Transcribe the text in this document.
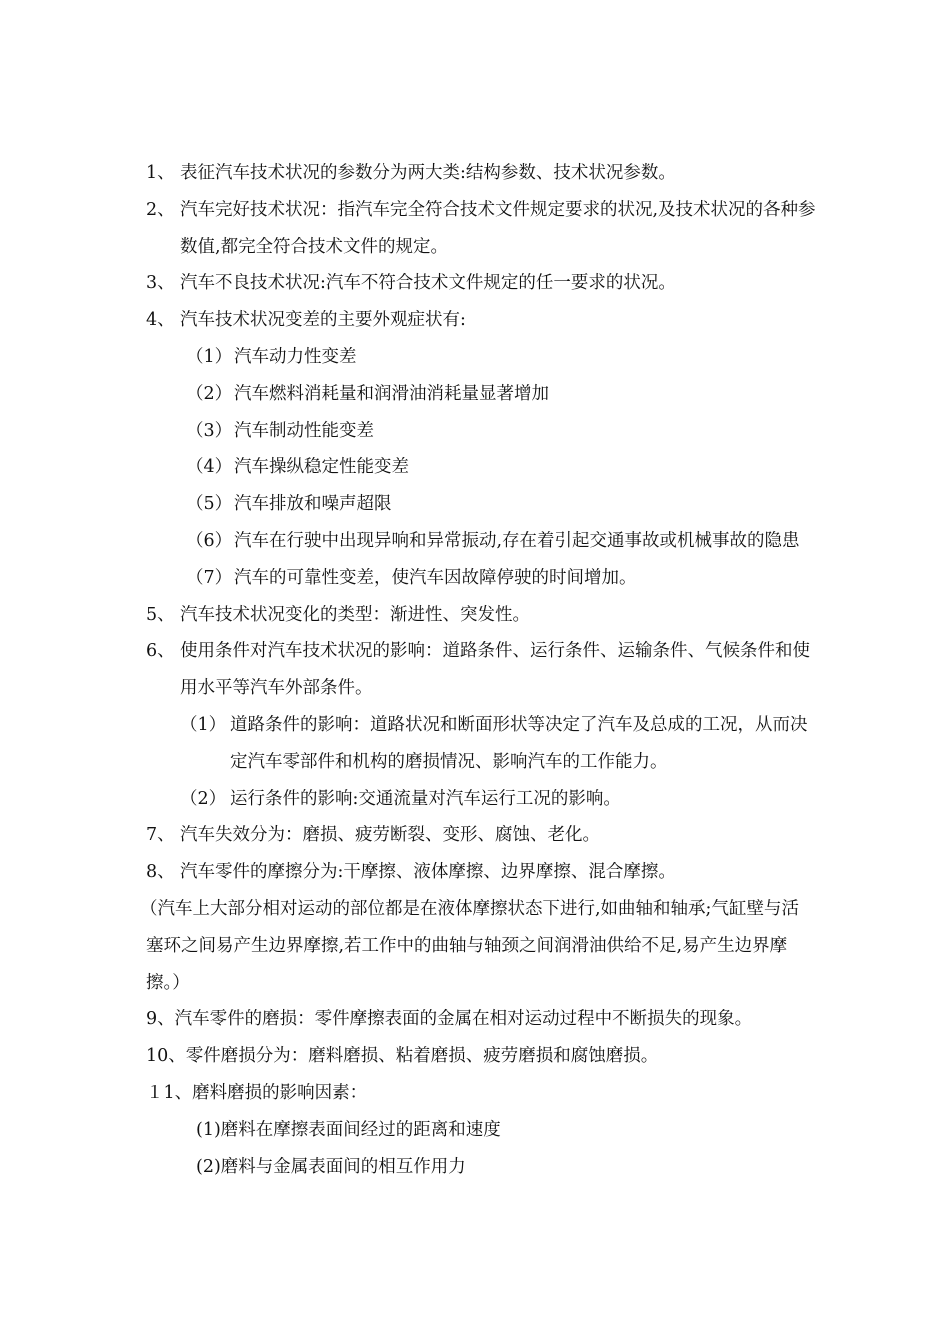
1、 表征汽车技术状况的参数分为两大类:结构参数、技术状况参数。
2、 汽车完好技术状况：指汽车完全符合技术文件规定要求的状况,及技术状况的各种参数值,都完全符合技术文件的规定。
3、 汽车不良技术状况:汽车不符合技术文件规定的任一要求的状况。
4、 汽车技术状况变差的主要外观症状有:
（1） 汽车动力性变差
（2） 汽车燃料消耗量和润滑油消耗量显著增加
（3） 汽车制动性能变差
（4） 汽车操纵稳定性能变差
（5） 汽车排放和噪声超限
（6） 汽车在行驶中出现异响和异常振动,存在着引起交通事故或机械事故的隐患
（7） 汽车的可靠性变差，使汽车因故障停驶的时间增加。
5、 汽车技术状况变化的类型：渐进性、突发性。
6、 使用条件对汽车技术状况的影响：道路条件、运行条件、运输条件、气候条件和使用水平等汽车外部条件。
（1） 道路条件的影响：道路状况和断面形状等决定了汽车及总成的工况，从而决定汽车零部件和机构的磨损情况、影响汽车的工作能力。
（2） 运行条件的影响:交通流量对汽车运行工况的影响。
7、 汽车失效分为：磨损、疲劳断裂、变形、腐蚀、老化。
8、 汽车零件的摩擦分为:干摩擦、液体摩擦、边界摩擦、混合摩擦。

（汽车上大部分相对运动的部位都是在液体摩擦状态下进行,如曲轴和轴承;气缸壁与活塞环之间易产生边界摩擦,若工作中的曲轴与轴颈之间润滑油供给不足,易产生边界摩擦。）

9、汽车零件的磨损：零件摩擦表面的金属在相对运动过程中不断损失的现象。

10、零件磨损分为：磨料磨损、粘着磨损、疲劳磨损和腐蚀磨损。

１1、磨料磨损的影响因素：

(1)磨料在摩擦表面间经过的距离和速度

(2)磨料与金属表面间的相互作用力
